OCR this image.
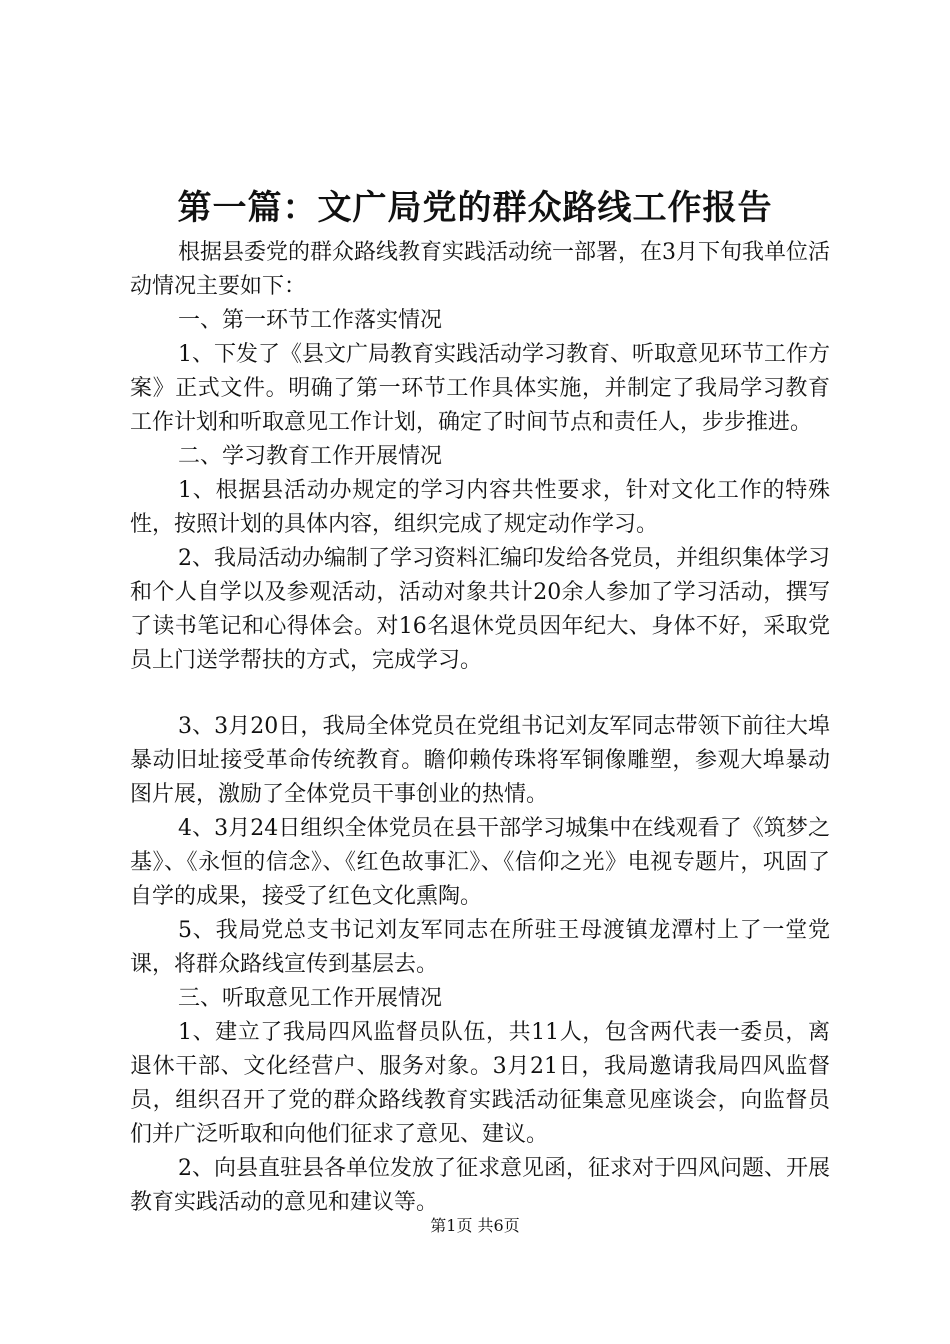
第一篇：文广局党的群众路线工作报告

根据县委党的群众路线教育实践活动统一部署，在3月下旬我单位活动情况主要如下：

一、第一环节工作落实情况

1、下发了《县文广局教育实践活动学习教育、听取意见环节工作方案》正式文件。明确了第一环节工作具体实施，并制定了我局学习教育工作计划和听取意见工作计划，确定了时间节点和责任人，步步推进。

二、学习教育工作开展情况

1、根据县活动办规定的学习内容共性要求，针对文化工作的特殊性，按照计划的具体内容，组织完成了规定动作学习。

2、我局活动办编制了学习资料汇编印发给各党员，并组织集体学习和个人自学以及参观活动，活动对象共计20余人参加了学习活动，撰写了读书笔记和心得体会。对16名退休党员因年纪大、身体不好，采取党员上门送学帮扶的方式，完成学习。

3、3月20日，我局全体党员在党组书记刘友军同志带领下前往大埠暴动旧址接受革命传统教育。瞻仰赖传珠将军铜像雕塑，参观大埠暴动图片展，激励了全体党员干事创业的热情。

4、3月24日组织全体党员在县干部学习城集中在线观看了《筑梦之基》、《永恒的信念》、《红色故事汇》、《信仰之光》电视专题片，巩固了自学的成果，接受了红色文化熏陶。

5、我局党总支书记刘友军同志在所驻王母渡镇龙潭村上了一堂党课，将群众路线宣传到基层去。

三、听取意见工作开展情况

1、建立了我局四风监督员队伍，共11人，包含两代表一委员，离退休干部、文化经营户、服务对象。3月21日，我局邀请我局四风监督员，组织召开了党的群众路线教育实践活动征集意见座谈会，向监督员们并广泛听取和向他们征求了意见、建议。

2、向县直驻县各单位发放了征求意见函，征求对于四风问题、开展教育实践活动的意见和建议等。

第1页 共6页
